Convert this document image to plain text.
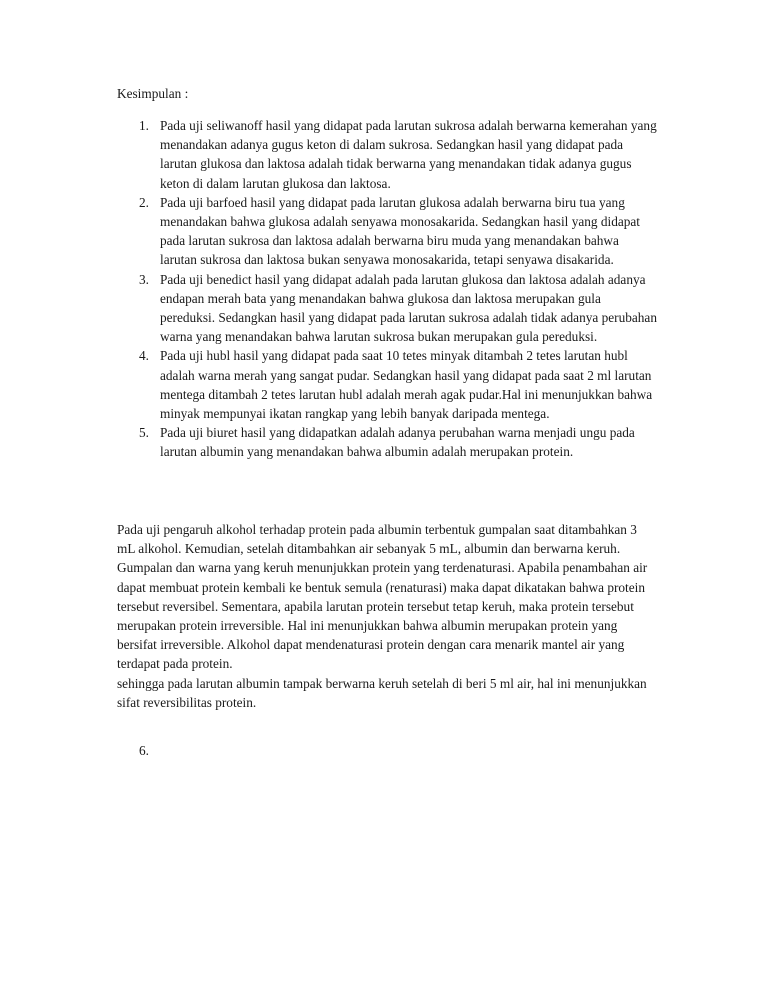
Kesimpulan :

1. Pada uji seliwanoff hasil yang didapat pada larutan sukrosa adalah berwarna kemerahan yang menandakan adanya gugus keton di dalam sukrosa. Sedangkan hasil yang didapat pada larutan glukosa dan laktosa adalah tidak berwarna yang menandakan tidak adanya gugus keton di dalam larutan glukosa dan laktosa.
2. Pada uji barfoed hasil yang didapat pada larutan glukosa adalah berwarna biru tua yang menandakan bahwa glukosa adalah senyawa monosakarida. Sedangkan hasil yang didapat pada larutan sukrosa dan laktosa adalah berwarna biru muda yang menandakan bahwa larutan sukrosa dan laktosa bukan senyawa monosakarida, tetapi senyawa disakarida.
3. Pada uji benedict hasil yang didapat adalah pada larutan glukosa dan laktosa adalah adanya endapan merah bata yang menandakan bahwa glukosa dan laktosa merupakan gula pereduksi. Sedangkan hasil yang didapat pada larutan sukrosa adalah tidak adanya perubahan warna yang menandakan bahwa larutan sukrosa bukan merupakan gula pereduksi.
4. Pada uji hubl hasil yang didapat pada saat 10 tetes minyak ditambah 2 tetes larutan hubl adalah warna merah yang sangat pudar. Sedangkan hasil yang didapat pada saat 2 ml larutan mentega ditambah 2 tetes larutan hubl adalah merah agak pudar.Hal ini menunjukkan bahwa minyak mempunyai ikatan rangkap yang lebih banyak daripada mentega.
5. Pada uji biuret hasil yang didapatkan adalah adanya perubahan warna menjadi ungu pada larutan albumin yang menandakan bahwa albumin adalah merupakan protein.
Pada uji pengaruh alkohol terhadap protein pada albumin terbentuk gumpalan saat ditambahkan 3 mL alkohol. Kemudian, setelah ditambahkan air sebanyak 5 mL, albumin dan berwarna keruh. Gumpalan dan warna yang keruh menunjukkan protein yang terdenaturasi. Apabila penambahan air dapat membuat protein kembali ke bentuk semula (renaturasi) maka dapat dikatakan bahwa protein tersebut reversibel. Sementara, apabila larutan protein tersebut tetap keruh, maka protein tersebut merupakan protein irreversible. Hal ini menunjukkan bahwa albumin merupakan protein yang bersifat irreversible. Alkohol dapat mendenaturasi protein dengan cara menarik mantel air yang terdapat pada protein.
sehingga pada larutan albumin tampak berwarna keruh setelah di beri 5 ml air, hal ini menunjukkan sifat reversibilitas protein.

6.
